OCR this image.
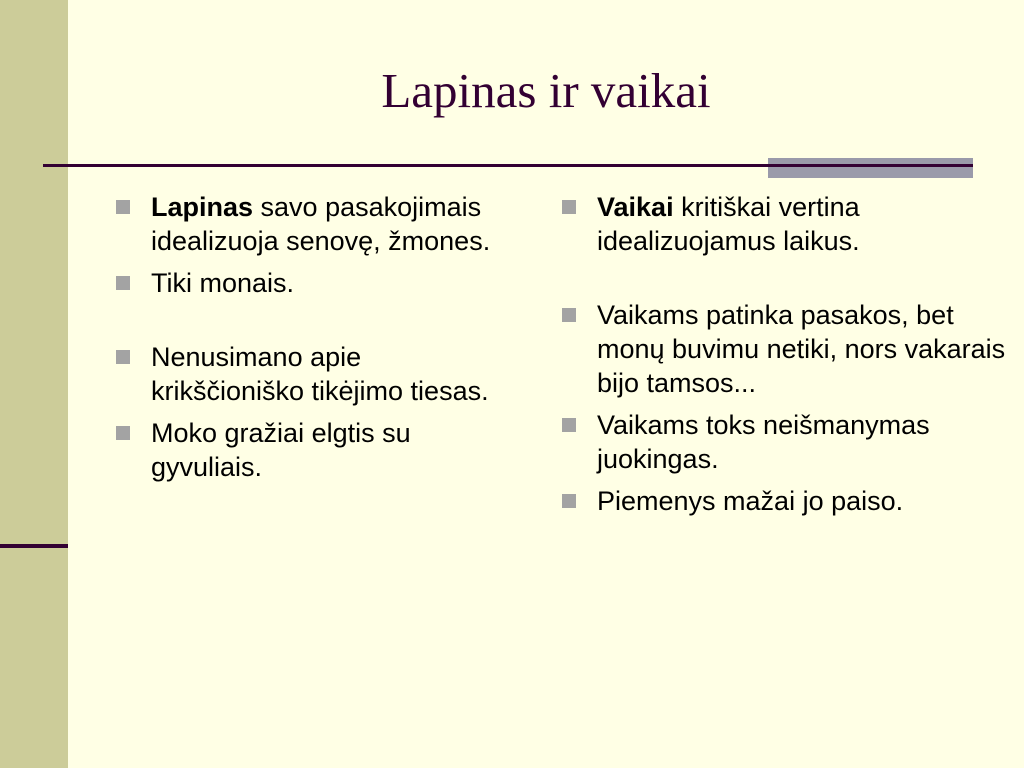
Lapinas ir vaikai
Lapinas savo pasakojimais idealizuoja senovę, žmones.
Tiki monais.
Nenusimano apie krikščioniško tikėjimo tiesas.
Moko gražiai elgtis su gyvuliais.
Vaikai kritiškai vertina idealizuojamus laikus.
Vaikams patinka pasakos, bet monų buvimu netiki, nors vakarais bijo tamsos...
Vaikams toks neišmanymas juokingas.
Piemenys mažai jo paiso.
